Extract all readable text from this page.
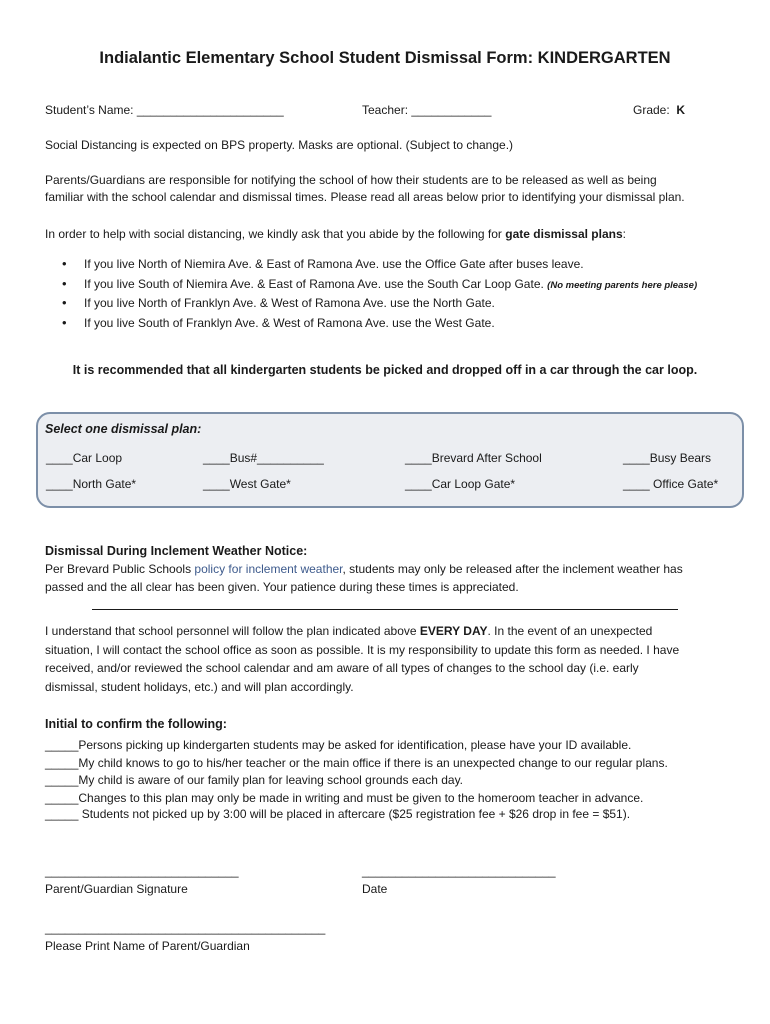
Indialantic Elementary School Student Dismissal Form: KINDERGARTEN
Student’s Name: ______________________	Teacher: ____________	Grade: K
Social Distancing is expected on BPS property. Masks are optional. (Subject to change.)
Parents/Guardians are responsible for notifying the school of how their students are to be released as well as being
familiar with the school calendar and dismissal times. Please read all areas below prior to identifying your dismissal plan.
In order to help with social distancing, we kindly ask that you abide by the following for gate dismissal plans:
• If you live North of Niemira Ave. & East of Ramona Ave. use the Office Gate after buses leave.
• If you live South of Niemira Ave. & East of Ramona Ave. use the South Car Loop Gate. (No meeting parents here please)
• If you live North of Franklyn Ave. & West of Ramona Ave. use the North Gate.
• If you live South of Franklyn Ave. & West of Ramona Ave. use the West Gate.
It is recommended that all kindergarten students be picked and dropped off in a car through the car loop.
Select one dismissal plan:
____Car Loop	____Bus#__________	____Brevard After School	____Busy Bears
____North Gate*	____West Gate*	____Car Loop Gate*	____ Office Gate*
Dismissal During Inclement Weather Notice:
Per Brevard Public Schools policy for inclement weather, students may only be released after the inclement weather has
passed and the all clear has been given. Your patience during these times is appreciated.
I understand that school personnel will follow the plan indicated above EVERY DAY. In the event of an unexpected
situation, I will contact the school office as soon as possible. It is my responsibility to update this form as needed. I have
received, and/or reviewed the school calendar and am aware of all types of changes to the school day (i.e. early
dismissal, student holidays, etc.) and will plan accordingly.
Initial to confirm the following:
_____Persons picking up kindergarten students may be asked for identification, please have your ID available.
_____My child knows to go to his/her teacher or the main office if there is an unexpected change to our regular plans.
_____My child is aware of our family plan for leaving school grounds each day.
_____Changes to this plan may only be made in writing and must be given to the homeroom teacher in advance.
_____ Students not picked up by 3:00 will be placed in aftercare ($25 registration fee + $26 drop in fee = $51).
_____________________________
Parent/Guardian Signature
_____________________________
Date
__________________________________________
Please Print Name of Parent/Guardian
